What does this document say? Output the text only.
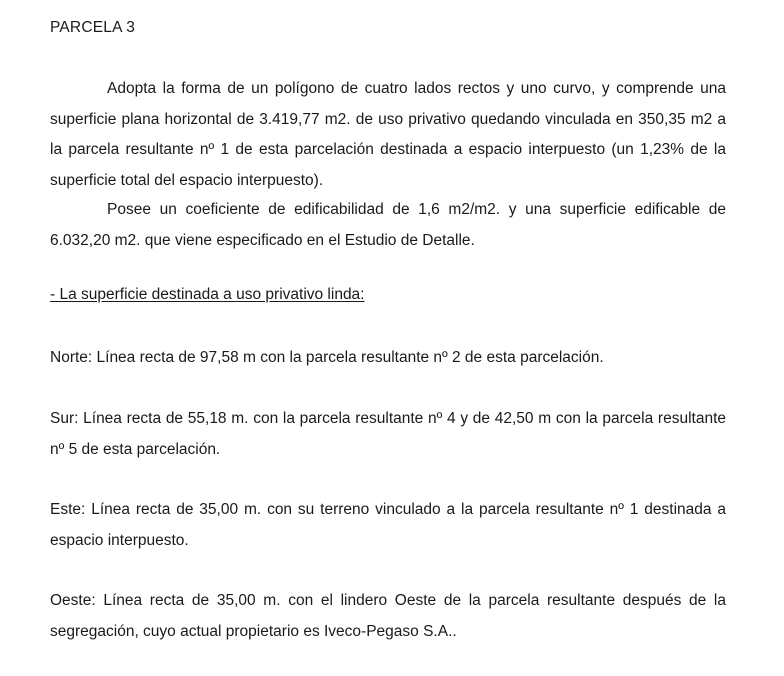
PARCELA 3

Adopta la forma de un polígono de cuatro lados rectos y uno curvo, y comprende una superficie plana horizontal de 3.419,77 m2. de uso privativo quedando vinculada en 350,35 m2 a la parcela resultante nº 1 de esta parcelación destinada a espacio interpuesto (un 1,23% de la superficie total del espacio interpuesto).

Posee un coeficiente de edificabilidad de 1,6 m2/m2. y una superficie edificable de 6.032,20 m2. que viene especificado en el Estudio de Detalle.

- La superficie destinada a uso privativo linda:

Norte: Línea recta de 97,58 m con la parcela resultante nº 2 de esta parcelación.

Sur: Línea recta de 55,18 m. con la parcela resultante nº 4 y de 42,50 m con la parcela resultante nº 5 de esta parcelación.

Este: Línea recta de 35,00 m. con su terreno vinculado a la parcela resultante nº 1 destinada a espacio interpuesto.

Oeste: Línea recta de 35,00 m. con el lindero Oeste de la parcela resultante después de la segregación, cuyo actual propietario es Iveco-Pegaso S.A..
